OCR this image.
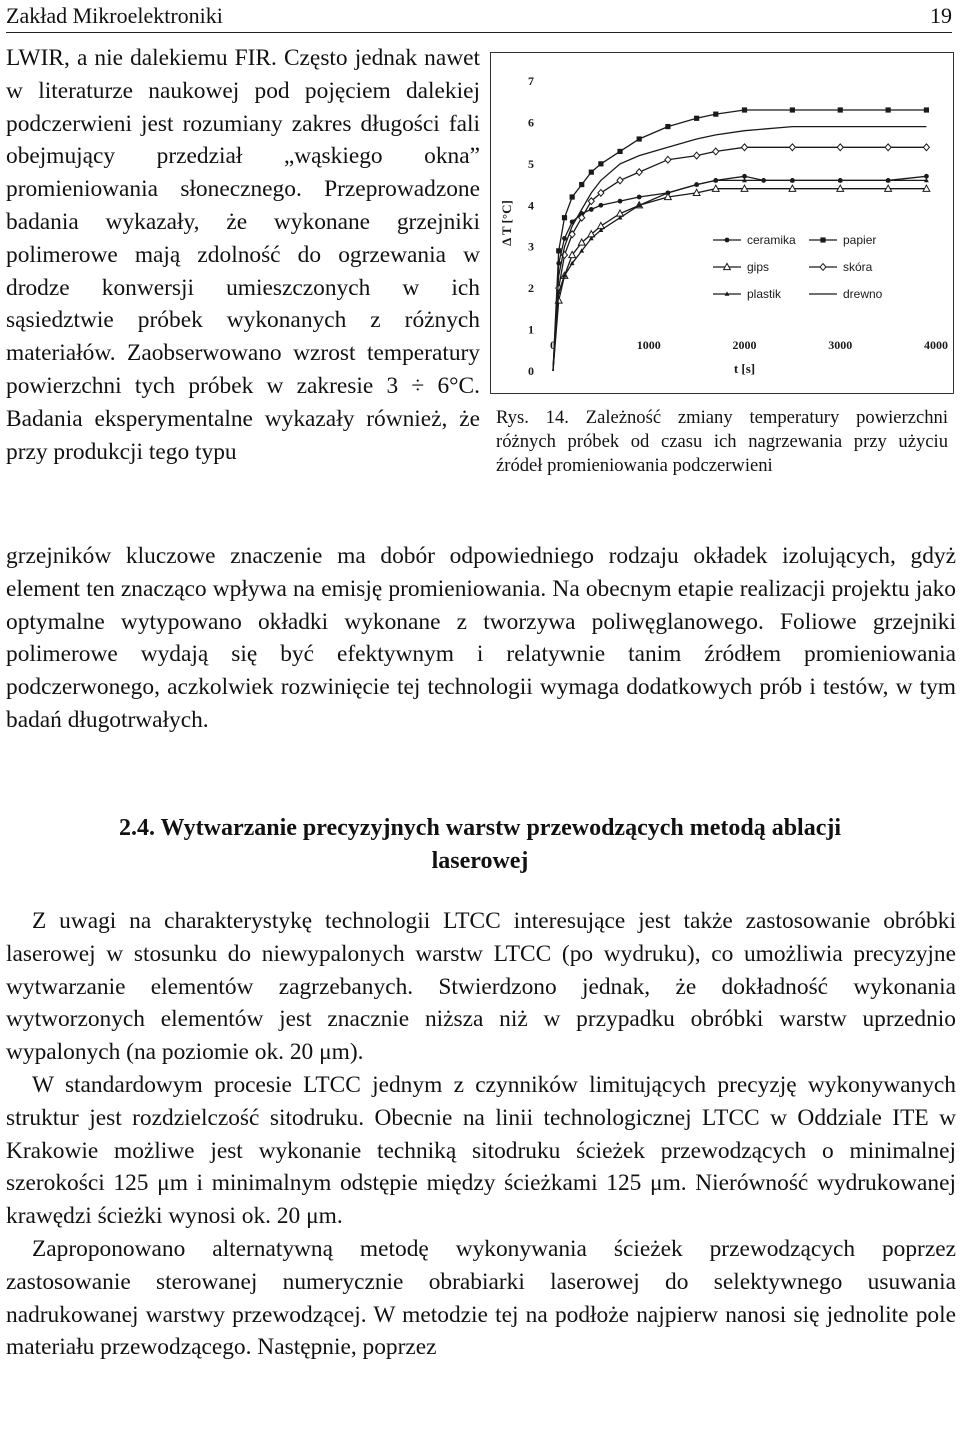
Zakład Mikroelektroniki	19

LWIR, a nie dalekiemu FIR. Często jednak nawet w literaturze naukowej pod pojęciem dalekiej podczerwieni jest rozumiany zakres długości fali obejmujący przedział „wąskiego okna” promieniowania słonecznego. Przeprowadzone badania wykazały, że wykonane grzejniki polimerowe mają zdolność do ogrzewania w drodze konwersji umieszczonych w ich sąsiedztwie próbek wykonanych z różnych materiałów. Zaobserwowano wzrost temperatury powierzchni tych próbek w zakresie 3 ÷ 6°C. Badania eksperymentalne wykazały również, że przy produkcji tego typu

0
1
2
3
4
5
6
7
0	1000	2000	3000	4000
t [s]
Δ T [°C]	ceramika	papier
gips	skóra
plastik	drewno
Rys. 14. Zależność zmiany temperatury powierzchni różnych próbek od czasu ich nagrzewania przy użyciu źródeł promieniowania podczerwieni

grzejników kluczowe znaczenie ma dobór odpowiedniego rodzaju okładek izolujących, gdyż element ten znacząco wpływa na emisję promieniowania. Na obecnym etapie realizacji projektu jako optymalne wytypowano okładki wykonane z tworzywa poliwęglanowego. Foliowe grzejniki polimerowe wydają się być efektywnym i relatywnie tanim źródłem promieniowania podczerwonego, aczkolwiek rozwinięcie tej technologii wymaga dodatkowych prób i testów, w tym badań długotrwałych.

2.4. Wytwarzanie precyzyjnych warstw przewodzących metodą ablacji
laserowej

Z uwagi na charakterystykę technologii LTCC interesujące jest także zastosowanie obróbki laserowej w stosunku do niewypalonych warstw LTCC (po wydruku), co umożliwia precyzyjne wytwarzanie elementów zagrzebanych. Stwierdzono jednak, że dokładność wykonania wytworzonych elementów jest znacznie niższa niż w przypadku obróbki warstw uprzednio wypalonych (na poziomie ok. 20 μm).

W standardowym procesie LTCC jednym z czynników limitujących precyzję wykonywanych struktur jest rozdzielczość sitodruku. Obecnie na linii technologicznej LTCC w Oddziale ITE w Krakowie możliwe jest wykonanie techniką sitodruku ścieżek przewodzących o minimalnej szerokości 125 μm i minimalnym odstępie między ścieżkami 125 μm. Nierówność wydrukowanej krawędzi ścieżki wynosi ok. 20 μm.

Zaproponowano alternatywną metodę wykonywania ścieżek przewodzących poprzez zastosowanie sterowanej numerycznie obrabiarki laserowej do selektywnego usuwania nadrukowanej warstwy przewodzącej. W metodzie tej na podłoże najpierw nanosi się jednolite pole materiału przewodzącego. Następnie, poprzez
